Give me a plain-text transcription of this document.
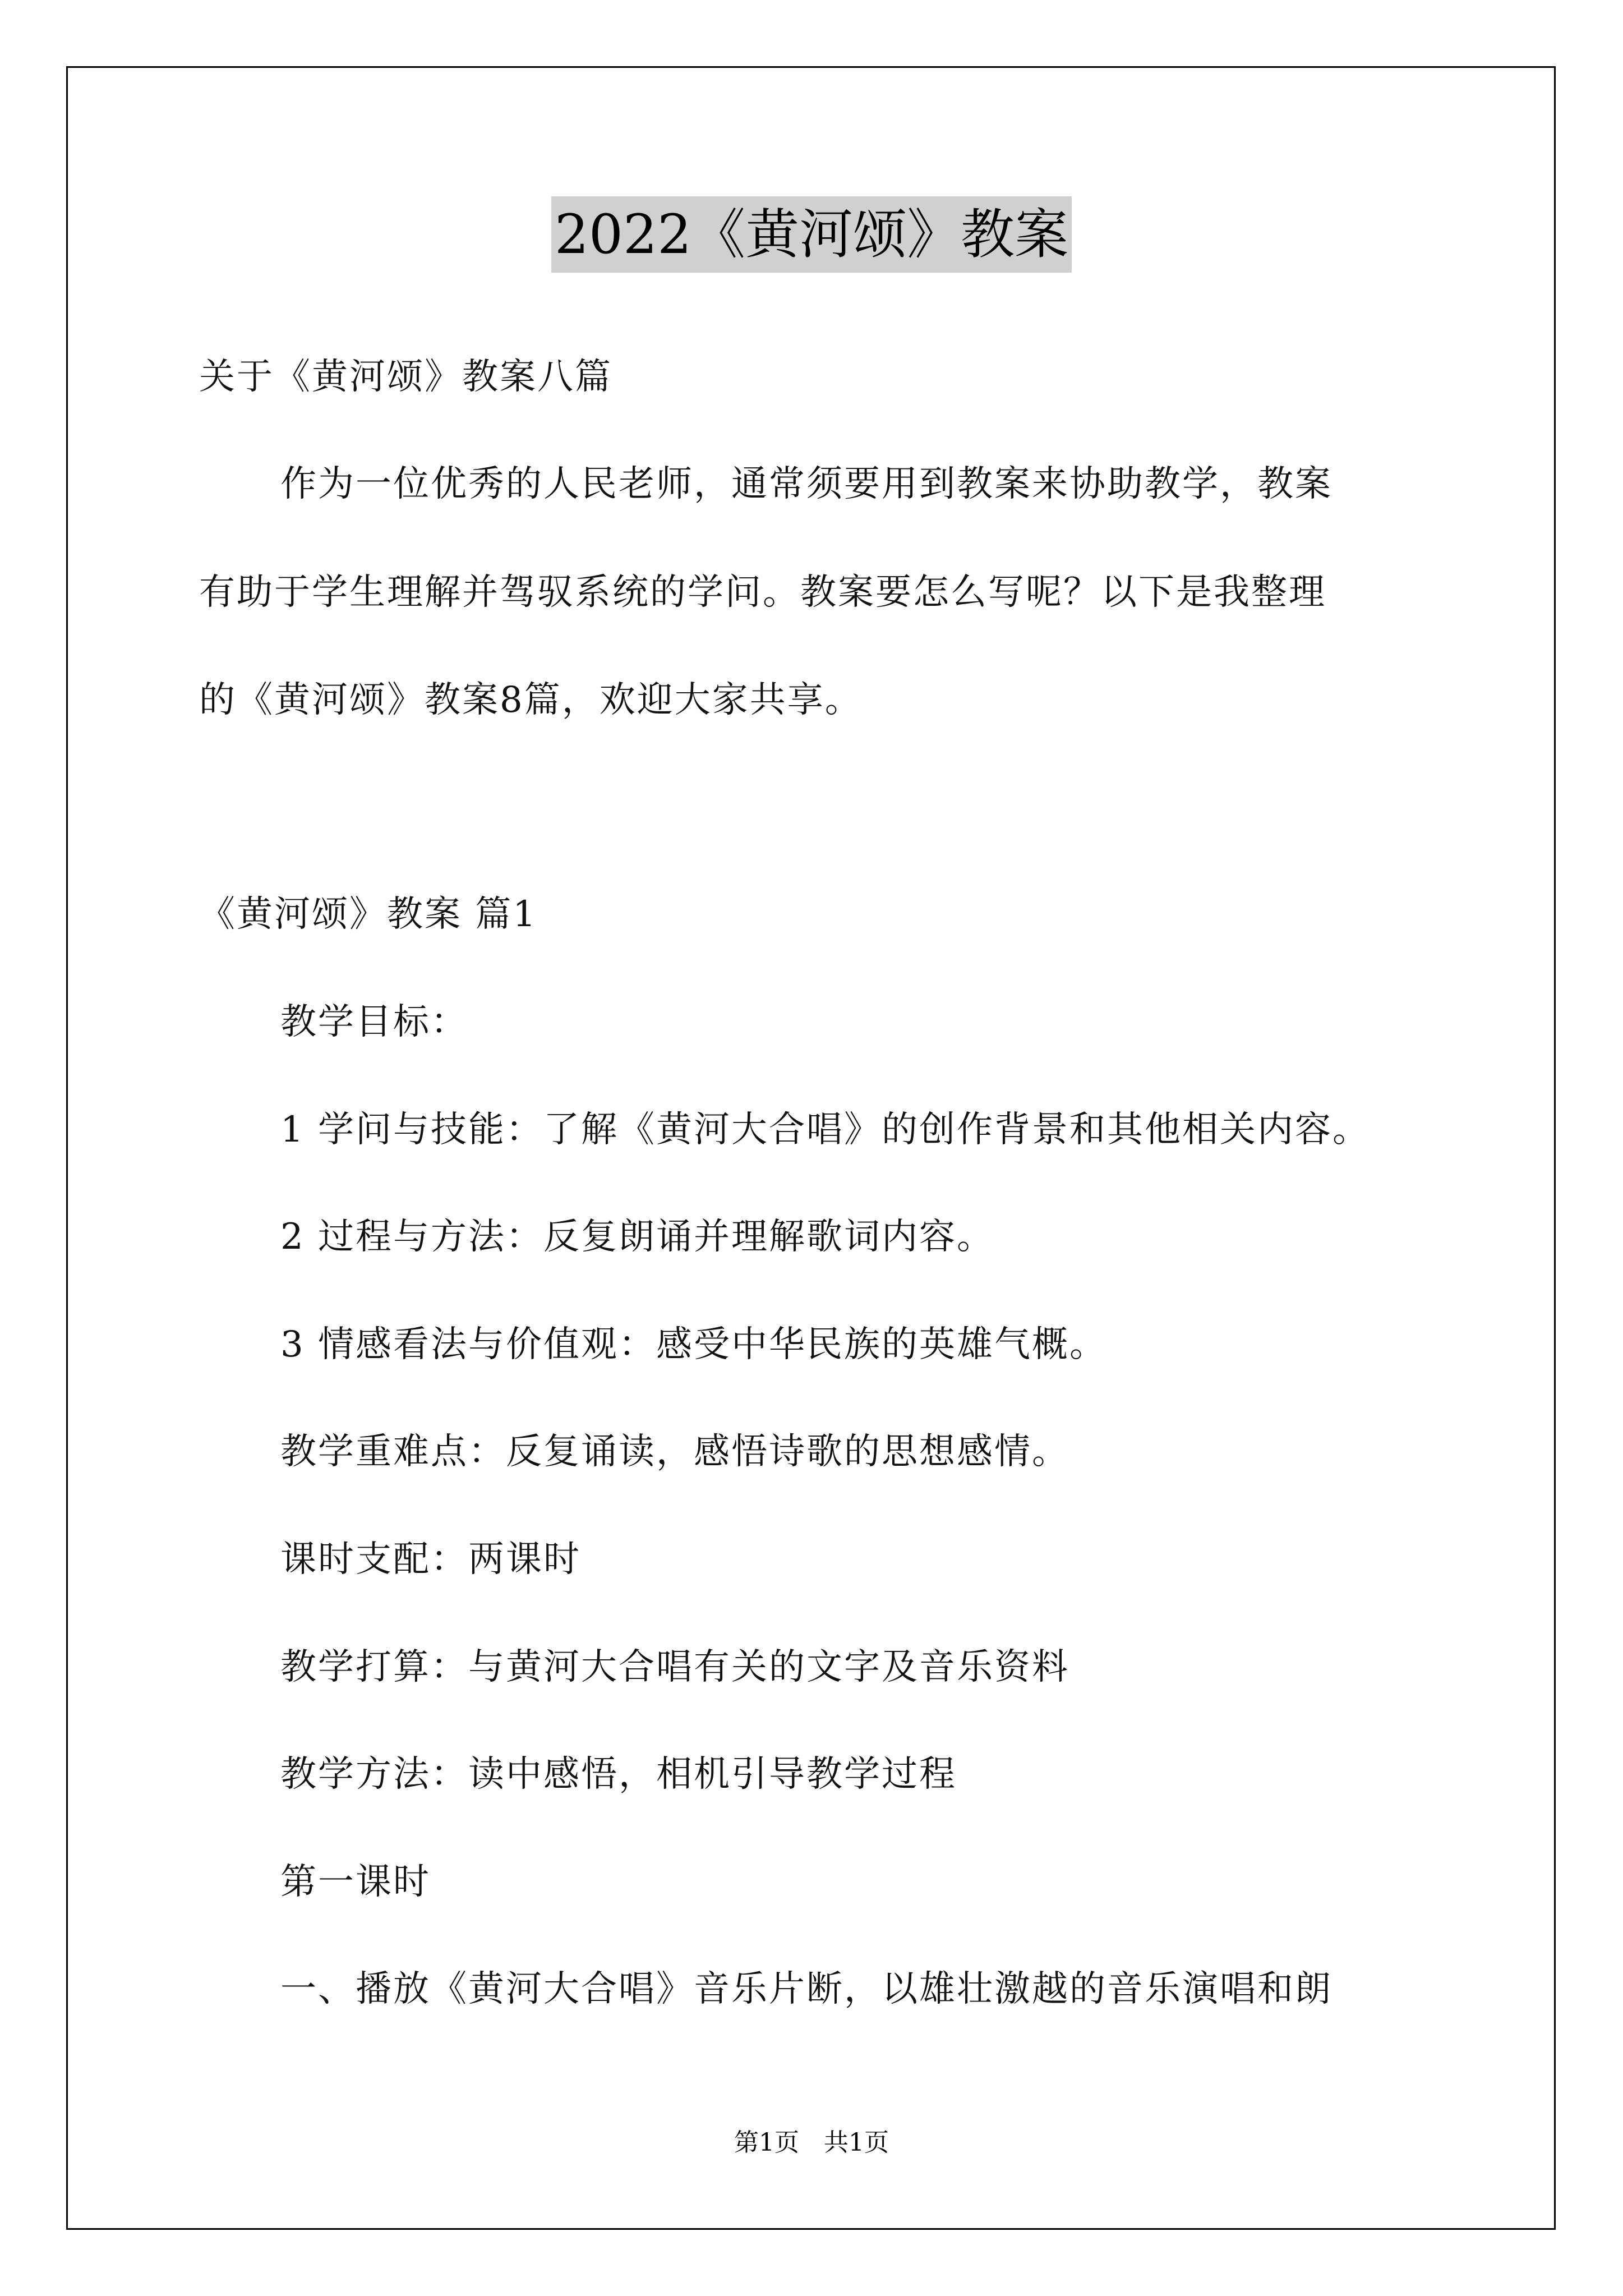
2022《黄河颂》教案
关于《黄河颂》教案八篇
作为一位优秀的人民老师，通常须要用到教案来协助教学，教案
有助于学生理解并驾驭系统的学问。教案要怎么写呢？以下是我整理
的《黄河颂》教案8篇，欢迎大家共享。
《黄河颂》教案 篇1
教学目标：
1 学问与技能：了解《黄河大合唱》的创作背景和其他相关内容。
2 过程与方法：反复朗诵并理解歌词内容。
3 情感看法与价值观：感受中华民族的英雄气概。
教学重难点：反复诵读，感悟诗歌的思想感情。
课时支配：两课时
教学打算：与黄河大合唱有关的文字及音乐资料
教学方法：读中感悟，相机引导教学过程
第一课时
一、播放《黄河大合唱》音乐片断，以雄壮激越的音乐演唱和朗
第1页　共1页
